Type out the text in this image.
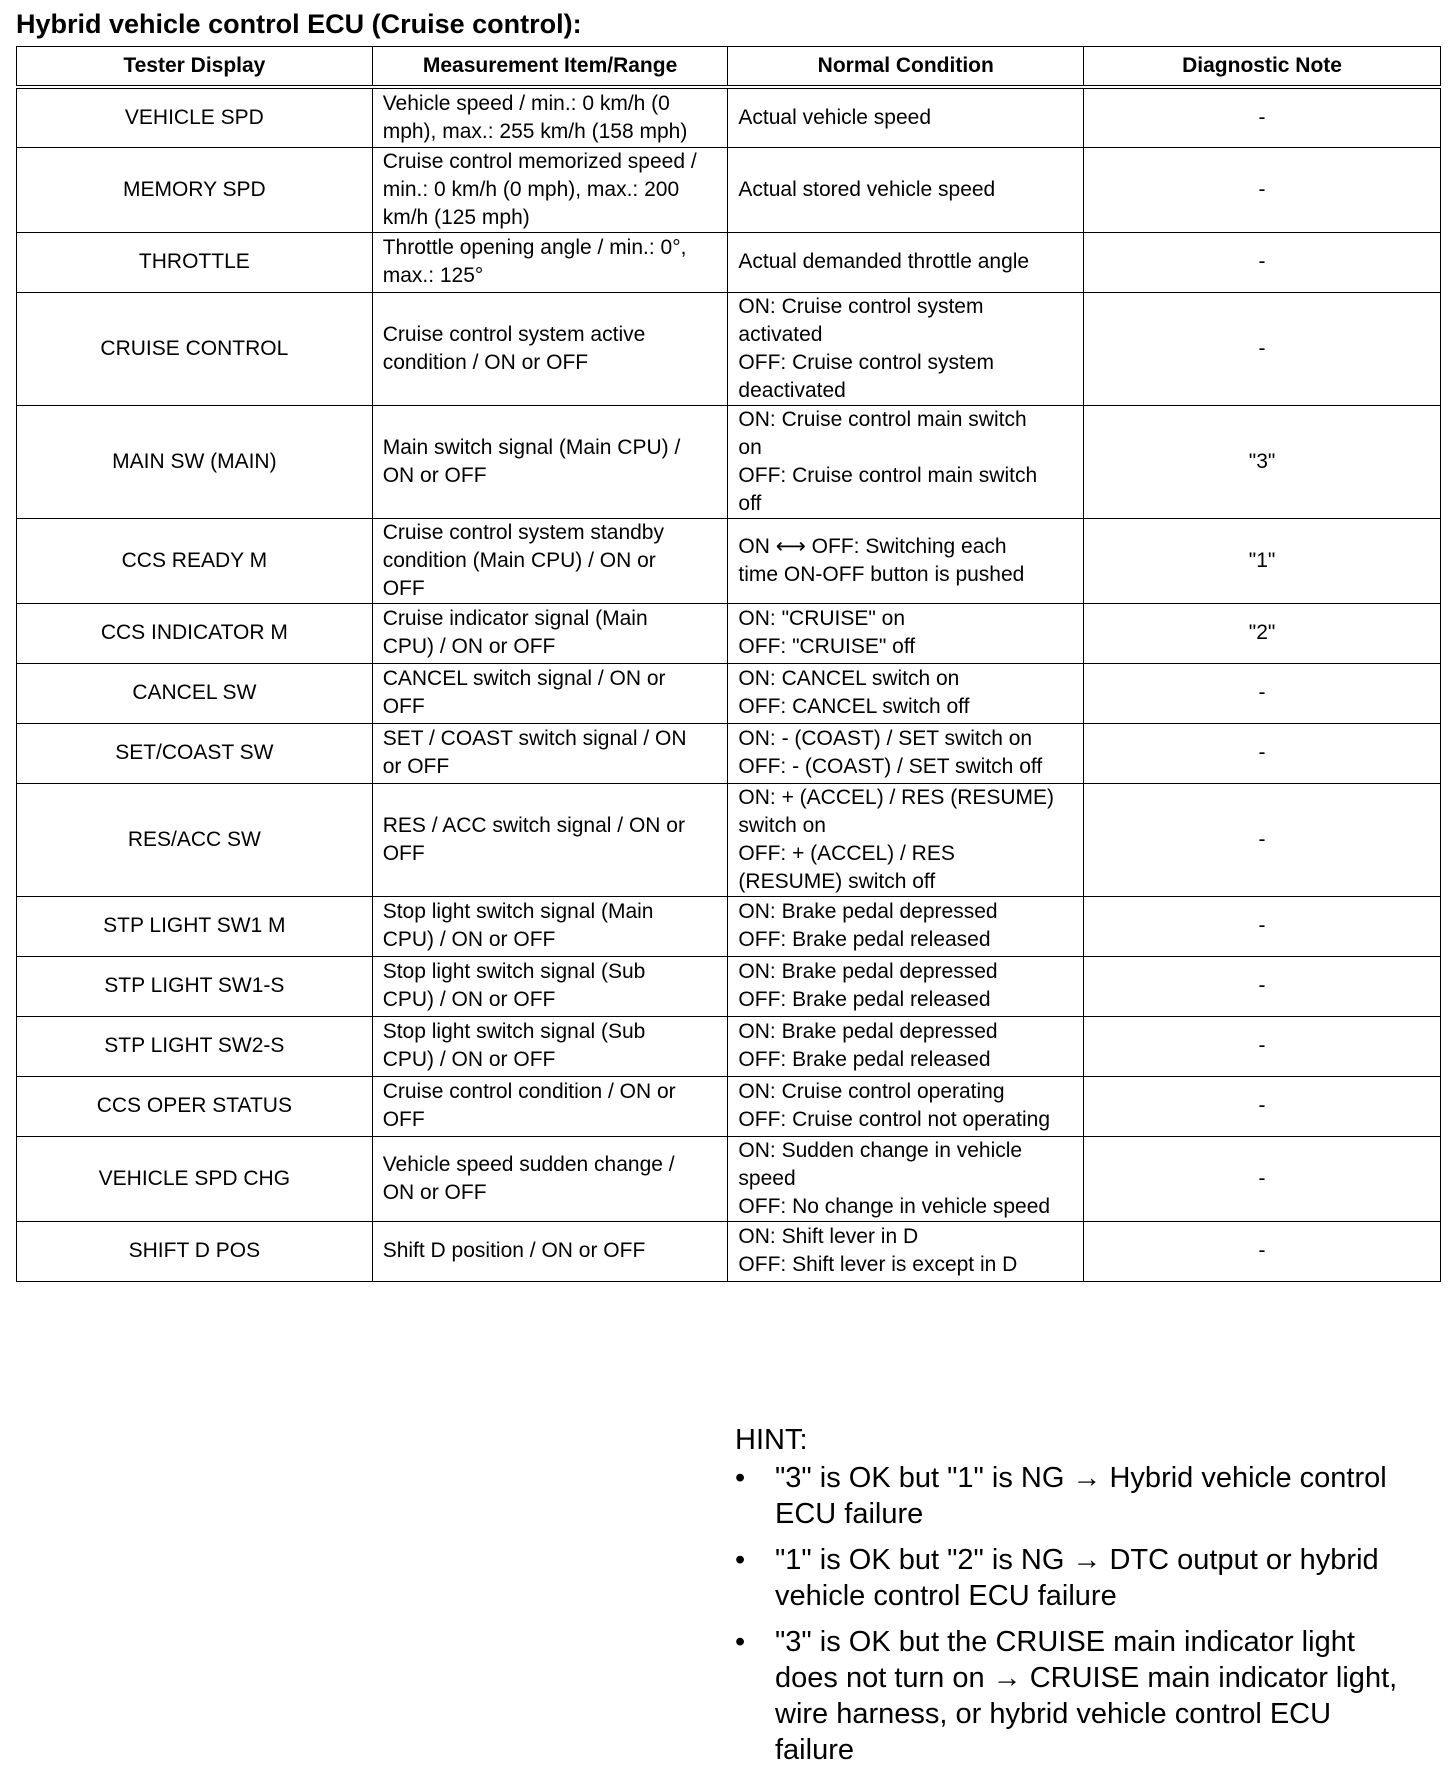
Hybrid vehicle control ECU (Cruise control):
Tester Display	Measurement Item/Range	Normal Condition	Diagnostic Note
VEHICLE SPD	Vehicle speed / min.: 0 km/h (0
mph), max.: 255 km/h (158 mph)	Actual vehicle speed	-
MEMORY SPD	Cruise control memorized speed /
min.: 0 km/h (0 mph), max.: 200
km/h (125 mph)	Actual stored vehicle speed	-
THROTTLE	Throttle opening angle / min.: 0°,
max.: 125°	Actual demanded throttle angle	-
CRUISE CONTROL	Cruise control system active
condition / ON or OFF	ON: Cruise control system
activated
OFF: Cruise control system
deactivated	-
MAIN SW (MAIN)	Main switch signal (Main CPU) /
ON or OFF	ON: Cruise control main switch
on
OFF: Cruise control main switch
off	"3"
CCS READY M	Cruise control system standby
condition (Main CPU) / ON or
OFF	ON ⟷ OFF: Switching each
time ON-OFF button is pushed	"1"
CCS INDICATOR M	Cruise indicator signal (Main
CPU) / ON or OFF	ON: "CRUISE" on
OFF: "CRUISE" off	"2"
CANCEL SW	CANCEL switch signal / ON or
OFF	ON: CANCEL switch on
OFF: CANCEL switch off	-
SET/COAST SW	SET / COAST switch signal / ON
or OFF	ON: - (COAST) / SET switch on
OFF: - (COAST) / SET switch off	-
RES/ACC SW	RES / ACC switch signal / ON or
OFF	ON: + (ACCEL) / RES (RESUME)
switch on
OFF: + (ACCEL) / RES
(RESUME) switch off	-
STP LIGHT SW1 M	Stop light switch signal (Main
CPU) / ON or OFF	ON: Brake pedal depressed
OFF: Brake pedal released	-
STP LIGHT SW1-S	Stop light switch signal (Sub
CPU) / ON or OFF	ON: Brake pedal depressed
OFF: Brake pedal released	-
STP LIGHT SW2-S	Stop light switch signal (Sub
CPU) / ON or OFF	ON: Brake pedal depressed
OFF: Brake pedal released	-
CCS OPER STATUS	Cruise control condition / ON or
OFF	ON: Cruise control operating
OFF: Cruise control not operating	-
VEHICLE SPD CHG	Vehicle speed sudden change /
ON or OFF	ON: Sudden change in vehicle
speed
OFF: No change in vehicle speed	-
SHIFT D POS	Shift D position / ON or OFF	ON: Shift lever in D
OFF: Shift lever is except in D	-
HINT:
• "3" is OK but "1" is NG → Hybrid vehicle control
ECU failure
• "1" is OK but "2" is NG → DTC output or hybrid
vehicle control ECU failure
• "3" is OK but the CRUISE main indicator light
does not turn on → CRUISE main indicator light,
wire harness, or hybrid vehicle control ECU
failure
